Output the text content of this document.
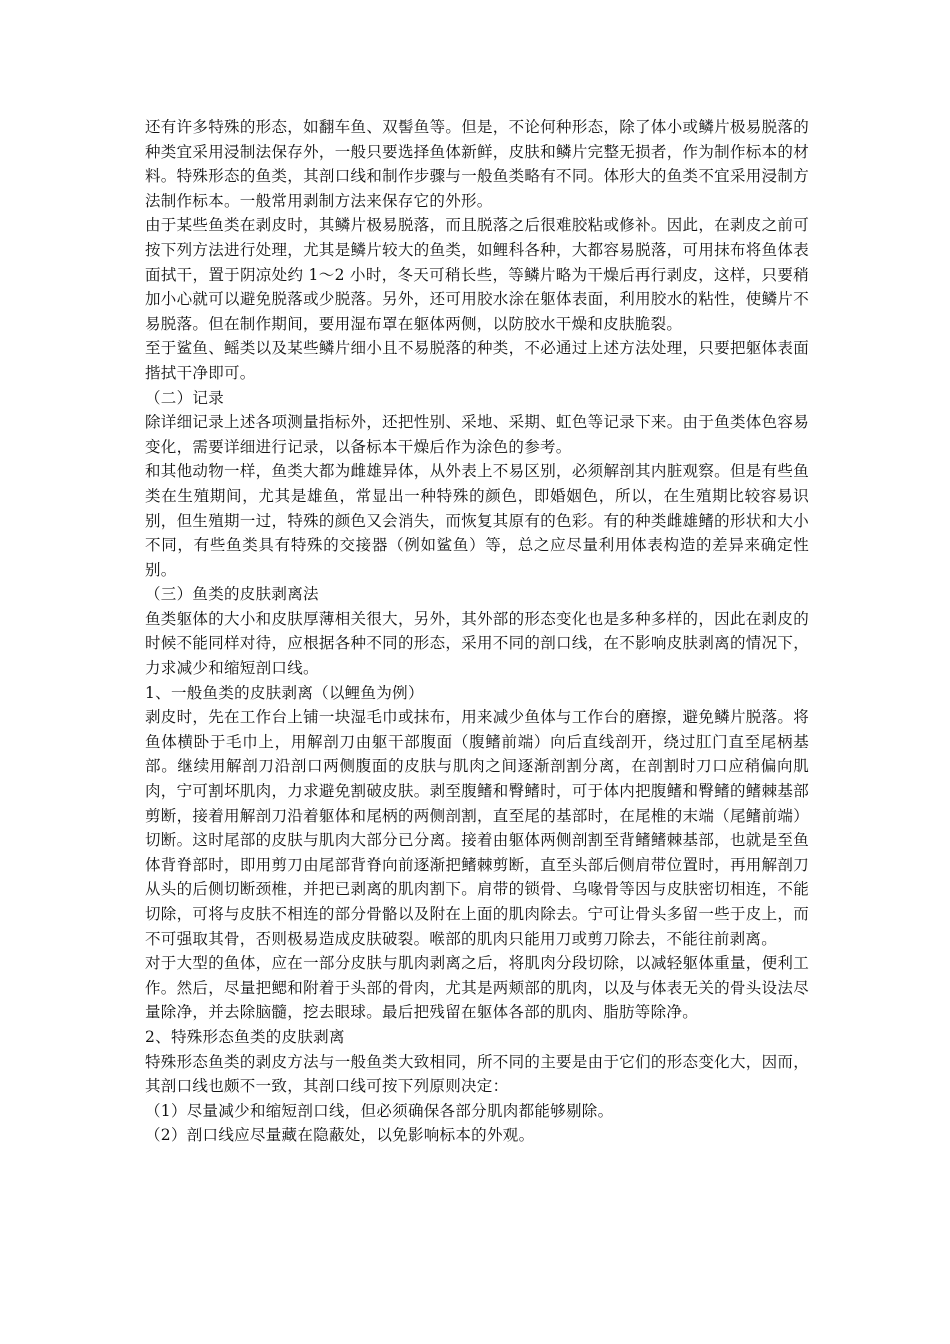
还有许多特殊的形态，如翻车鱼、双髻鱼等。但是，不论何种形态，除了体小或鳞片极易脱落的种类宜采用浸制法保存外，一般只要选择鱼体新鲜，皮肤和鳞片完整无损者，作为制作标本的材料。特殊形态的鱼类，其剖口线和制作步骤与一般鱼类略有不同。体形大的鱼类不宜采用浸制方法制作标本。一般常用剥制方法来保存它的外形。

由于某些鱼类在剥皮时，其鳞片极易脱落，而且脱落之后很难胶粘或修补。因此，在剥皮之前可按下列方法进行处理，尤其是鳞片较大的鱼类，如鲤科各种，大都容易脱落，可用抹布将鱼体表面拭干，置于阴凉处约 1～2 小时，冬天可稍长些，等鳞片略为干燥后再行剥皮，这样，只要稍加小心就可以避免脱落或少脱落。另外，还可用胶水涂在躯体表面，利用胶水的粘性，使鳞片不易脱落。但在制作期间，要用湿布罩在躯体两侧，以防胶水干燥和皮肤脆裂。

至于鲨鱼、鳐类以及某些鳞片细小且不易脱落的种类，不必通过上述方法处理，只要把躯体表面揩拭干净即可。

（二）记录

除详细记录上述各项测量指标外，还把性别、采地、采期、虹色等记录下来。由于鱼类体色容易变化，需要详细进行记录，以备标本干燥后作为涂色的参考。

和其他动物一样，鱼类大都为雌雄异体，从外表上不易区别，必须解剖其内脏观察。但是有些鱼类在生殖期间，尤其是雄鱼，常显出一种特殊的颜色，即婚姻色，所以，在生殖期比较容易识别，但生殖期一过，特殊的颜色又会消失，而恢复其原有的色彩。有的种类雌雄鳍的形状和大小不同，有些鱼类具有特殊的交接器（例如鲨鱼）等，总之应尽量利用体表构造的差异来确定性别。

（三）鱼类的皮肤剥离法

鱼类躯体的大小和皮肤厚薄相关很大，另外，其外部的形态变化也是多种多样的，因此在剥皮的时候不能同样对待，应根据各种不同的形态，采用不同的剖口线，在不影响皮肤剥离的情况下，力求减少和缩短剖口线。

1、一般鱼类的皮肤剥离（以鲤鱼为例）

剥皮时，先在工作台上铺一块湿毛巾或抹布，用来减少鱼体与工作台的磨擦，避免鳞片脱落。将鱼体横卧于毛巾上，用解剖刀由躯干部腹面（腹鳍前端）向后直线剖开，绕过肛门直至尾柄基部。继续用解剖刀沿剖口两侧腹面的皮肤与肌肉之间逐渐剖割分离，在剖割时刀口应稍偏向肌肉，宁可割坏肌肉，力求避免割破皮肤。剥至腹鳍和臀鳍时，可于体内把腹鳍和臀鳍的鳍棘基部剪断，接着用解剖刀沿着躯体和尾柄的两侧剖割，直至尾的基部时，在尾椎的末端（尾鳍前端）切断。这时尾部的皮肤与肌肉大部分已分离。接着由躯体两侧剖割至背鳍鳍棘基部，也就是至鱼体背脊部时，即用剪刀由尾部背脊向前逐渐把鳍棘剪断，直至头部后侧肩带位置时，再用解剖刀从头的后侧切断颈椎，并把已剥离的肌肉割下。肩带的锁骨、乌喙骨等因与皮肤密切相连，不能切除，可将与皮肤不相连的部分骨骼以及附在上面的肌肉除去。宁可让骨头多留一些于皮上，而不可强取其骨，否则极易造成皮肤破裂。喉部的肌肉只能用刀或剪刀除去，不能往前剥离。

对于大型的鱼体，应在一部分皮肤与肌肉剥离之后，将肌肉分段切除，以减轻躯体重量，便利工作。然后，尽量把鳃和附着于头部的骨肉，尤其是两颊部的肌肉，以及与体表无关的骨头设法尽量除净，并去除脑髓，挖去眼球。最后把残留在躯体各部的肌肉、脂肪等除净。

2、特殊形态鱼类的皮肤剥离

特殊形态鱼类的剥皮方法与一般鱼类大致相同，所不同的主要是由于它们的形态变化大，因而，其剖口线也颇不一致，其剖口线可按下列原则决定：

（1）尽量减少和缩短剖口线，但必须确保各部分肌肉都能够剔除。

（2）剖口线应尽量藏在隐蔽处，以免影响标本的外观。
